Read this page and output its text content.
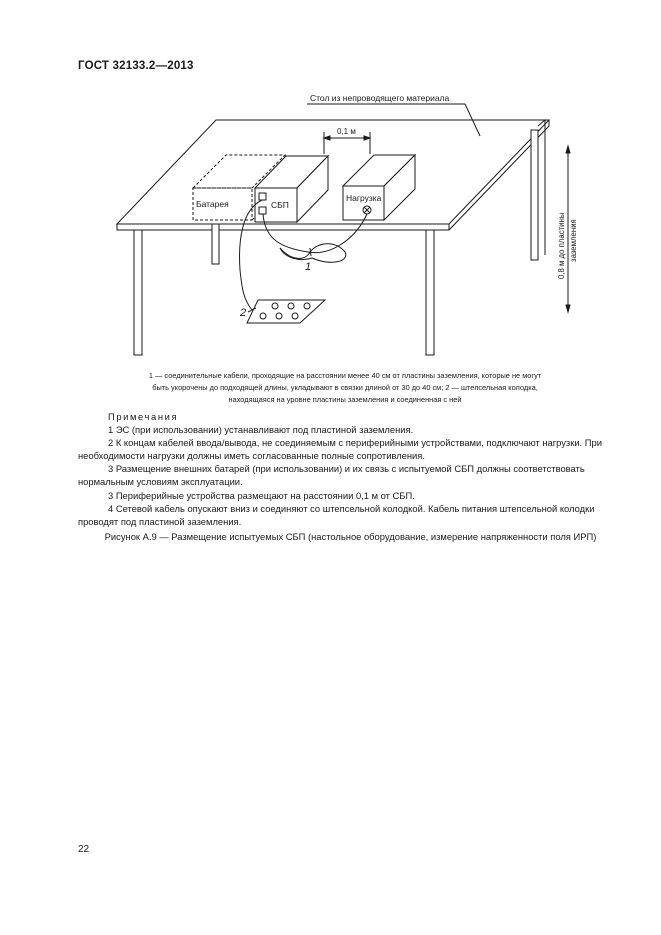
ГОСТ 32133.2—2013
Стол из непроводящего материала
0,1 м
Батарея	СБП
Нагрузка
1
2
0,8 м до пластины заземления
1 — соединительные кабели, проходящие на расстоянии менее 40 см от пластины заземления, которые не могут
быть укорочены до подходящей длины, укладывают в связки длиной от 30 до 40 см; 2 — штепсельная колодка,
находящаяся на уровне пластины заземления и соединенная с ней

Примечания

1 ЭС (при использовании) устанавливают под пластиной заземления.

2 К концам кабелей ввода/вывода, не соединяемым с периферийными устройствами, подключают нагрузки. При необходимости нагрузки должны иметь согласованные полные сопротивления.

3 Размещение внешних батарей (при использовании) и их связь с испытуемой СБП должны соответствовать нормальным условиям эксплуатации.

3 Периферийные устройства размещают на расстоянии 0,1 м от СБП.

4 Сетевой кабель опускают вниз и соединяют со штепсельной колодкой. Кабель питания штепсельной колодки проводят под пластиной заземления.

Рисунок А.9 — Размещение испытуемых СБП (настольное оборудование, измерение напряженности поля ИРП)
22
